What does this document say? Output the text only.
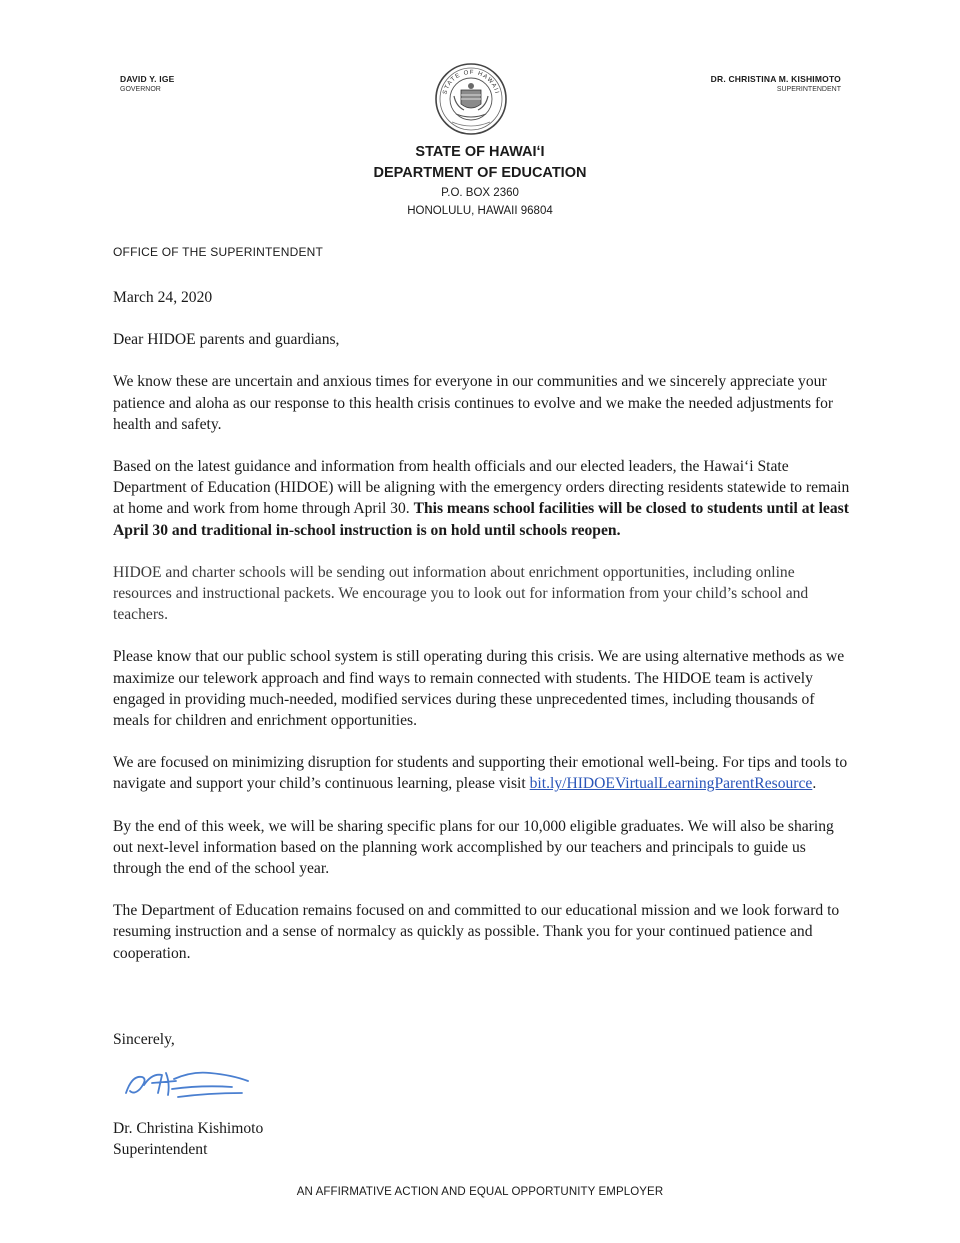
DAVID Y. IGE
GOVERNOR	STATE OF HAWAII
DR. CHRISTINA M. KISHIMOTO
SUPERINTENDENT
STATE OF HAWAIʻI
DEPARTMENT OF EDUCATION
P.O. BOX 2360
HONOLULU, HAWAII 96804
OFFICE OF THE SUPERINTENDENT

March 24, 2020

Dear HIDOE parents and guardians,

We know these are uncertain and anxious times for everyone in our communities and we sincerely appreciate your patience and aloha as our response to this health crisis continues to evolve and we make the needed adjustments for health and safety.

Based on the latest guidance and information from health officials and our elected leaders, the Hawaiʻi State Department of Education (HIDOE) will be aligning with the emergency orders directing residents statewide to remain at home and work from home through April 30. This means school facilities will be closed to students until at least April 30 and traditional in-school instruction is on hold until schools reopen.

HIDOE and charter schools will be sending out information about enrichment opportunities, including online resources and instructional packets. We encourage you to look out for information from your child’s school and teachers.

Please know that our public school system is still operating during this crisis. We are using alternative methods as we maximize our telework approach and find ways to remain connected with students. The HIDOE team is actively engaged in providing much-needed, modified services during these unprecedented times, including thousands of meals for children and enrichment opportunities.

We are focused on minimizing disruption for students and supporting their emotional well-being. For tips and tools to navigate and support your child’s continuous learning, please visit bit.ly/HIDOEVirtualLearningParentResource.

By the end of this week, we will be sharing specific plans for our 10,000 eligible graduates. We will also be sharing out next-level information based on the planning work accomplished by our teachers and principals to guide us through the end of the school year.

The Department of Education remains focused on and committed to our educational mission and we look forward to resuming instruction and a sense of normalcy as quickly as possible. Thank you for your continued patience and cooperation.

Sincerely,
Dr. Christina Kishimoto
Superintendent
AN AFFIRMATIVE ACTION AND EQUAL OPPORTUNITY EMPLOYER
